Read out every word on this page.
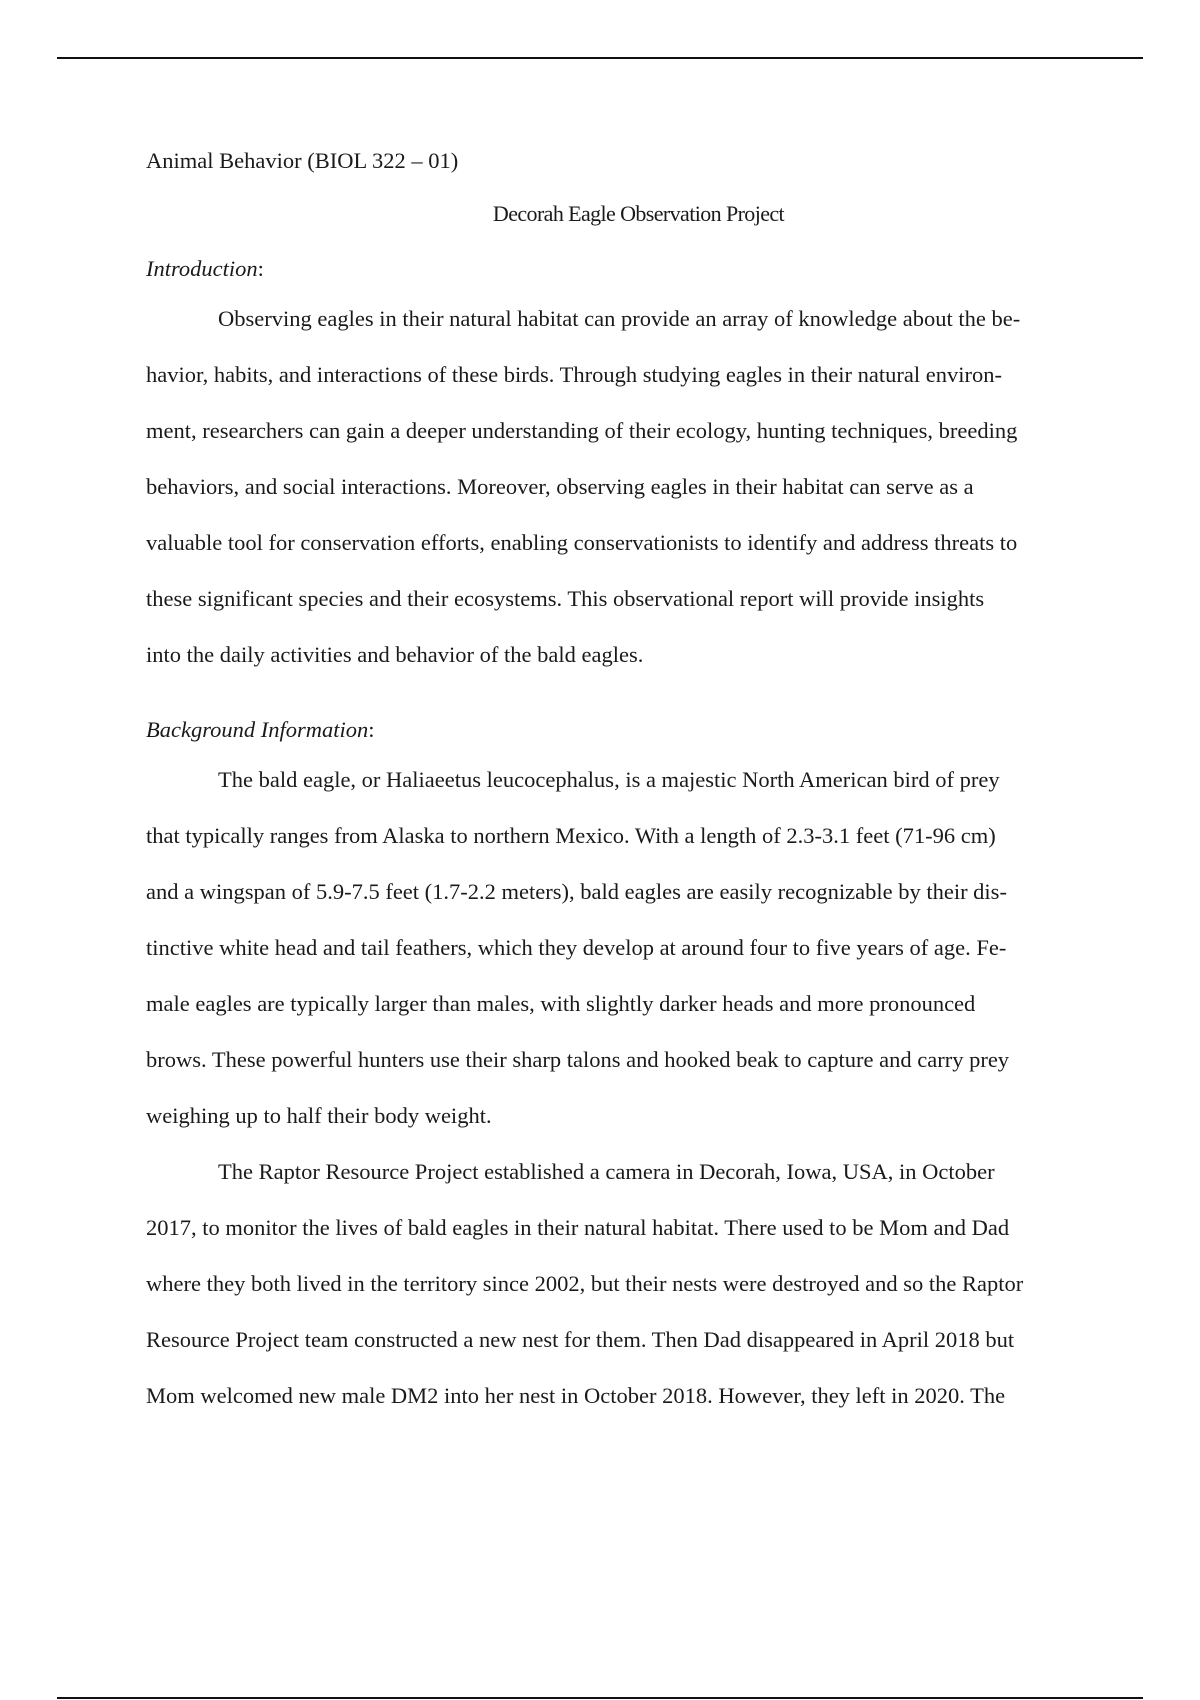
Animal Behavior (BIOL 322 – 01)

Decorah Eagle Observation Project

Introduction:

Observing eagles in their natural habitat can provide an array of knowledge about the be-
havior, habits, and interactions of these birds. Through studying eagles in their natural environ-
ment, researchers can gain a deeper understanding of their ecology, hunting techniques, breeding
behaviors, and social interactions. Moreover, observing eagles in their habitat can serve as a
valuable tool for conservation efforts, enabling conservationists to identify and address threats to
these significant species and their ecosystems. This observational report will provide insights
into the daily activities and behavior of the bald eagles.

Background Information:

The bald eagle, or Haliaeetus leucocephalus, is a majestic North American bird of prey
that typically ranges from Alaska to northern Mexico. With a length of 2.3-3.1 feet (71-96 cm)
and a wingspan of 5.9-7.5 feet (1.7-2.2 meters), bald eagles are easily recognizable by their dis-
tinctive white head and tail feathers, which they develop at around four to five years of age. Fe-
male eagles are typically larger than males, with slightly darker heads and more pronounced
brows. These powerful hunters use their sharp talons and hooked beak to capture and carry prey
weighing up to half their body weight.

The Raptor Resource Project established a camera in Decorah, Iowa, USA, in October
2017, to monitor the lives of bald eagles in their natural habitat. There used to be Mom and Dad
where they both lived in the territory since 2002, but their nests were destroyed and so the Raptor
Resource Project team constructed a new nest for them. Then Dad disappeared in April 2018 but
Mom welcomed new male DM2 into her nest in October 2018. However, they left in 2020. The
